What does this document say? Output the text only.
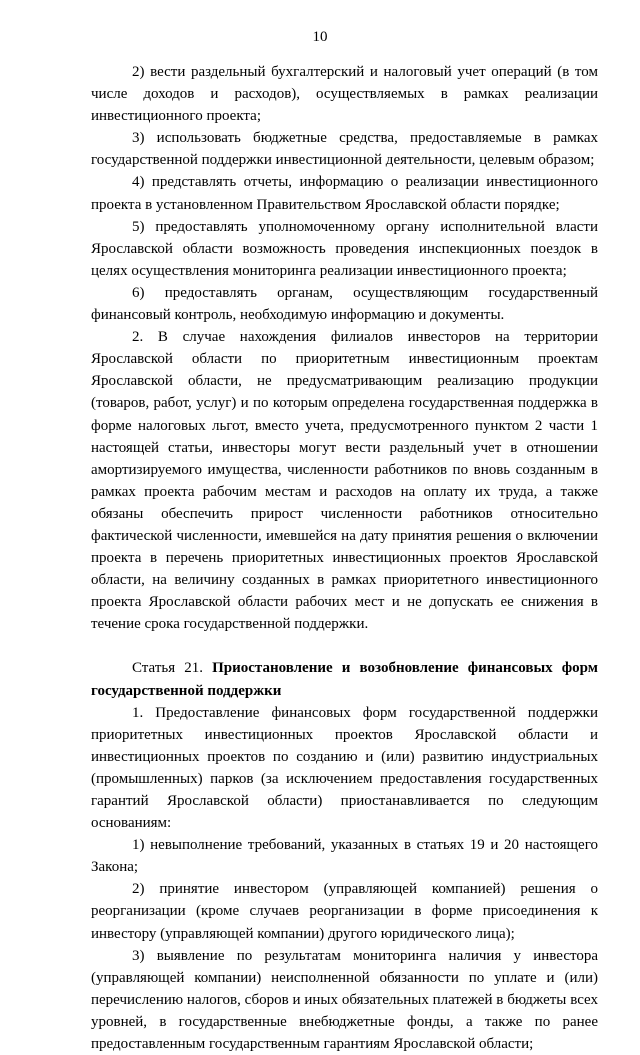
10

2) вести раздельный бухгалтерский и налоговый учет операций (в том числе доходов и расходов), осуществляемых в рамках реализации инвестиционного проекта;

3) использовать бюджетные средства, предоставляемые в рамках государственной поддержки инвестиционной деятельности, целевым образом;

4) представлять отчеты, информацию о реализации инвестиционного проекта в установленном Правительством Ярославской области порядке;

5) предоставлять уполномоченному органу исполнительной власти Ярославской области возможность проведения инспекционных поездок в целях осуществления мониторинга реализации инвестиционного проекта;

6) предоставлять органам, осуществляющим государственный финансовый контроль, необходимую информацию и документы.

2. В случае нахождения филиалов инвесторов на территории Ярославской области по приоритетным инвестиционным проектам Ярославской области, не предусматривающим реализацию продукции (товаров, работ, услуг) и по которым определена государственная поддержка в форме налоговых льгот, вместо учета, предусмотренного пунктом 2 части 1 настоящей статьи, инвесторы могут вести раздельный учет в отношении амортизируемого имущества, численности работников по вновь созданным в рамках проекта рабочим местам и расходов на оплату их труда, а также обязаны обеспечить прирост численности работников относительно фактической численности, имевшейся на дату принятия решения о включении проекта в перечень приоритетных инвестиционных проектов Ярославской области, на величину созданных в рамках приоритетного инвестиционного проекта Ярославской области рабочих мест и не допускать ее снижения в течение срока государственной поддержки.

Статья 21. Приостановление и возобновление финансовых форм государственной поддержки

1. Предоставление финансовых форм государственной поддержки приоритетных инвестиционных проектов Ярославской области и инвестиционных проектов по созданию и (или) развитию индустриальных (промышленных) парков (за исключением предоставления государственных гарантий Ярославской области) приостанавливается по следующим основаниям:

1) невыполнение требований, указанных в статьях 19 и 20 настоящего Закона;

2) принятие инвестором (управляющей компанией) решения о реорганизации (кроме случаев реорганизации в форме присоединения к инвестору (управляющей компании) другого юридического лица);

3) выявление по результатам мониторинга наличия у инвестора (управляющей компании) неисполненной обязанности по уплате и (или) перечислению налогов, сборов и иных обязательных платежей в бюджеты всех уровней, в государственные внебюджетные фонды, а также по ранее предоставленным государственным гарантиям Ярославской области;
